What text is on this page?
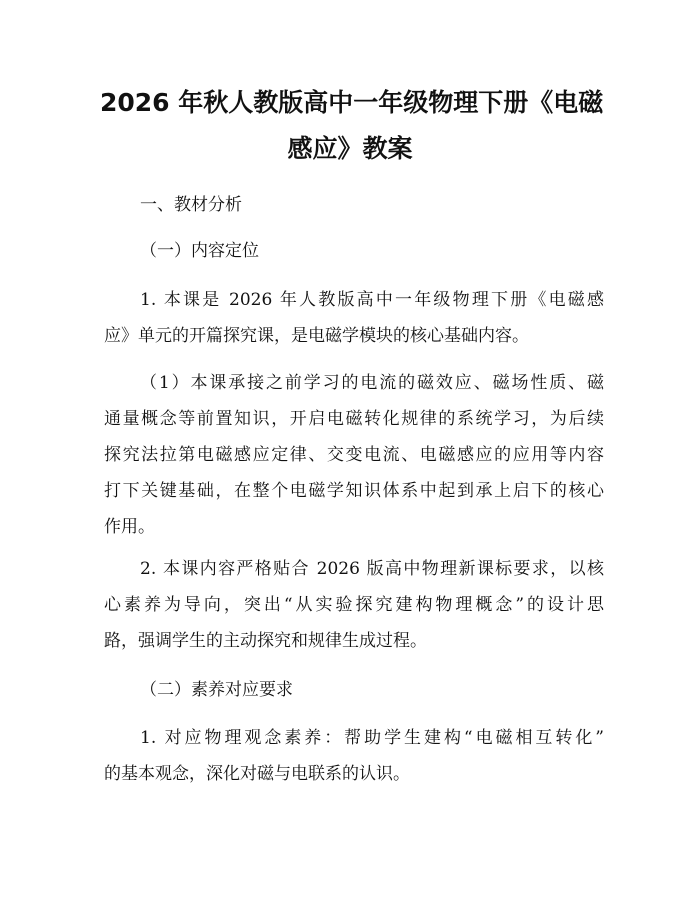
2026 年秋人教版高中一年级物理下册《电磁
感应》教案

一、教材分析

（一）内容定位

1. 本课是 2026 年人教版高中一年级物理下册《电磁感
应》单元的开篇探究课，是电磁学模块的核心基础内容。
（1）本课承接之前学习的电流的磁效应、磁场性质、磁
通量概念等前置知识，开启电磁转化规律的系统学习，为后续
探究法拉第电磁感应定律、交变电流、电磁感应的应用等内容
打下关键基础，在整个电磁学知识体系中起到承上启下的核心
作用。
2. 本课内容严格贴合 2026 版高中物理新课标要求，以核
心素养为导向，突出“从实验探究建构物理概念”的设计思
路，强调学生的主动探究和规律生成过程。

（二）素养对应要求

1. 对应物理观念素养：帮助学生建构“电磁相互转化”
的基本观念，深化对磁与电联系的认识。
